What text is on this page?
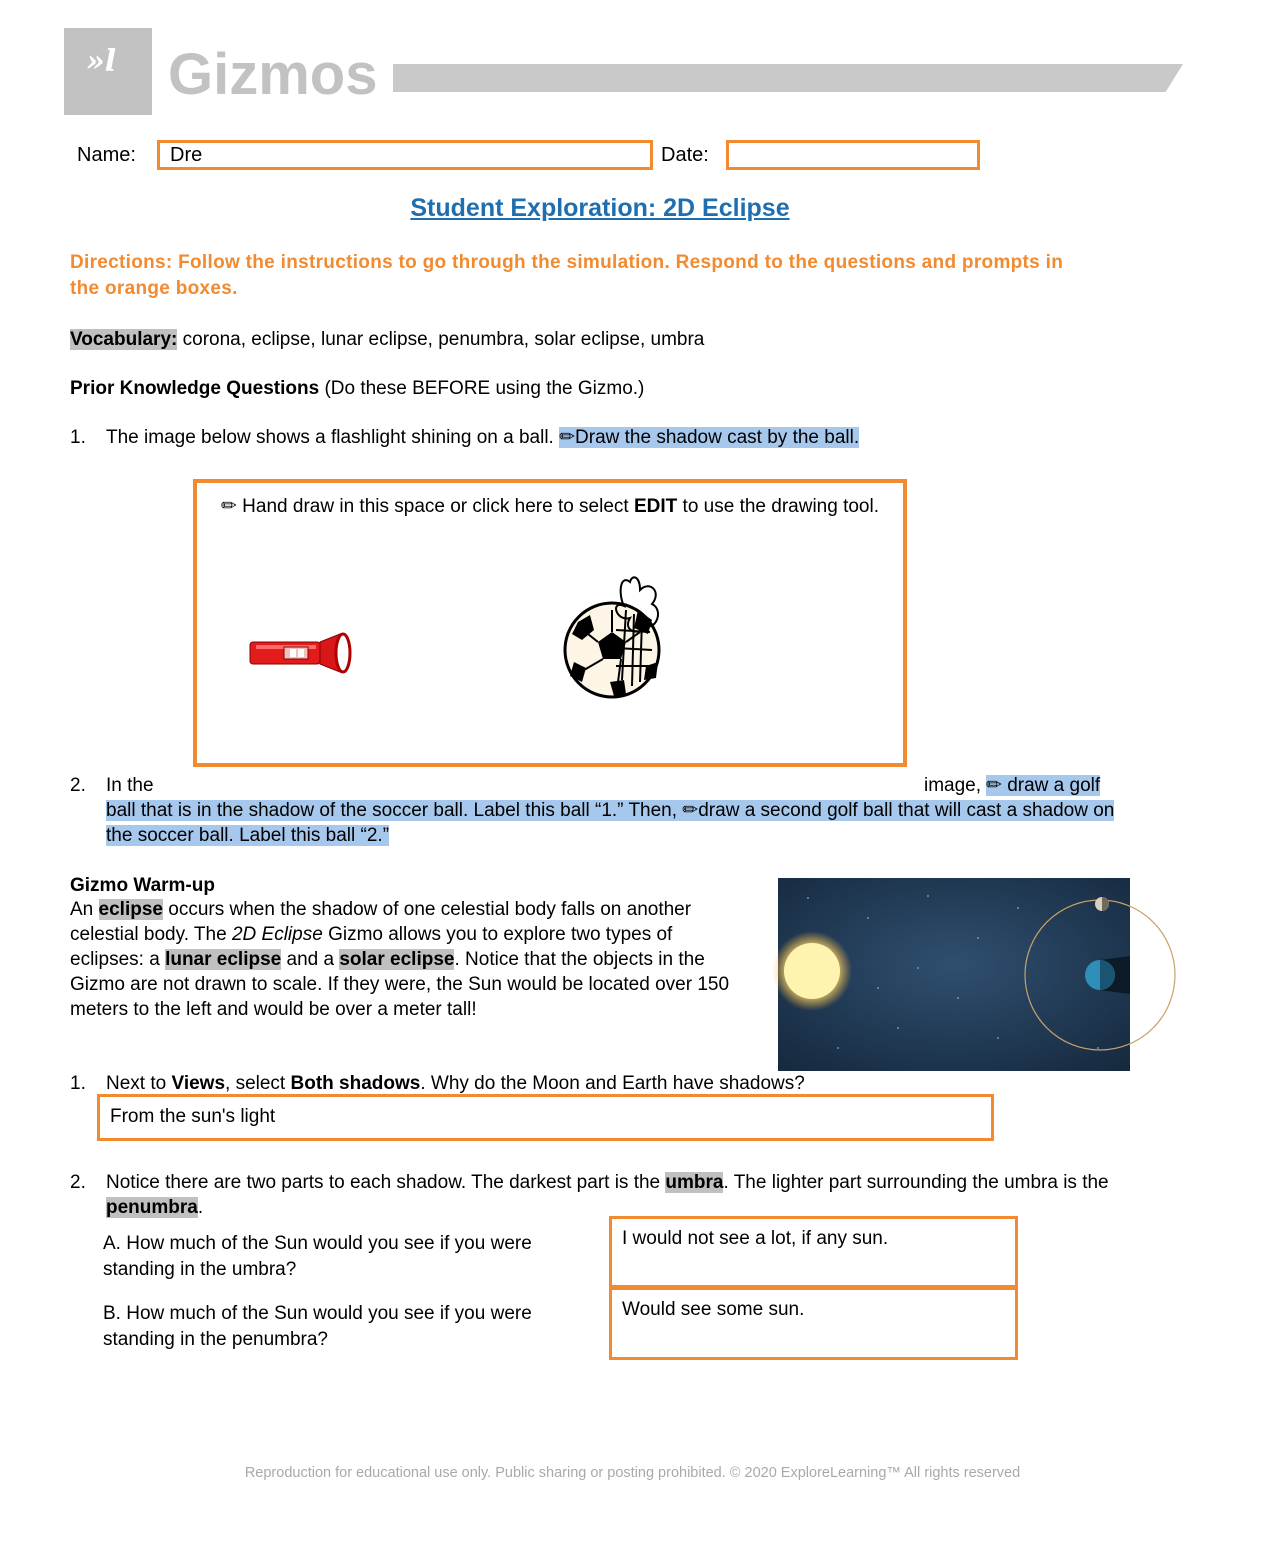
»l Gizmos
Name:	Dre	Date:
Student Exploration: 2D Eclipse
Directions: Follow the instructions to go through the simulation. Respond to the questions and prompts in the orange boxes.
Vocabulary: corona, eclipse, lunar eclipse, penumbra, solar eclipse, umbra
Prior Knowledge Questions (Do these BEFORE using the Gizmo.)
1. The image below shows a flashlight shining on a ball. ✏Draw the shadow cast by the ball.
✏ Hand draw in this space or click here to select EDIT to use the drawing tool.
2. In the	image, ✏ draw a golf ball that is in the shadow of the soccer ball. Label this ball “1.” Then, ✏draw a second golf ball that will cast a shadow on the soccer ball. Label this ball “2.”
Gizmo Warm-up
An eclipse occurs when the shadow of one celestial body falls on another celestial body. The 2D Eclipse Gizmo allows you to explore two types of eclipses: a lunar eclipse and a solar eclipse. Notice that the objects in the Gizmo are not drawn to scale. If they were, the Sun would be located over 150 meters to the left and would be over a meter tall!
1. Next to Views, select Both shadows. Why do the Moon and Earth have shadows?
From the sun's light
2. Notice there are two parts to each shadow. The darkest part is the umbra. The lighter part surrounding the umbra is the penumbra.
A. How much of the Sun would you see if you were standing in the umbra?
I would not see a lot, if any sun.
B. How much of the Sun would you see if you were standing in the penumbra?
Would see some sun.
Reproduction for educational use only. Public sharing or posting prohibited. © 2020 ExploreLearning™ All rights reserved
